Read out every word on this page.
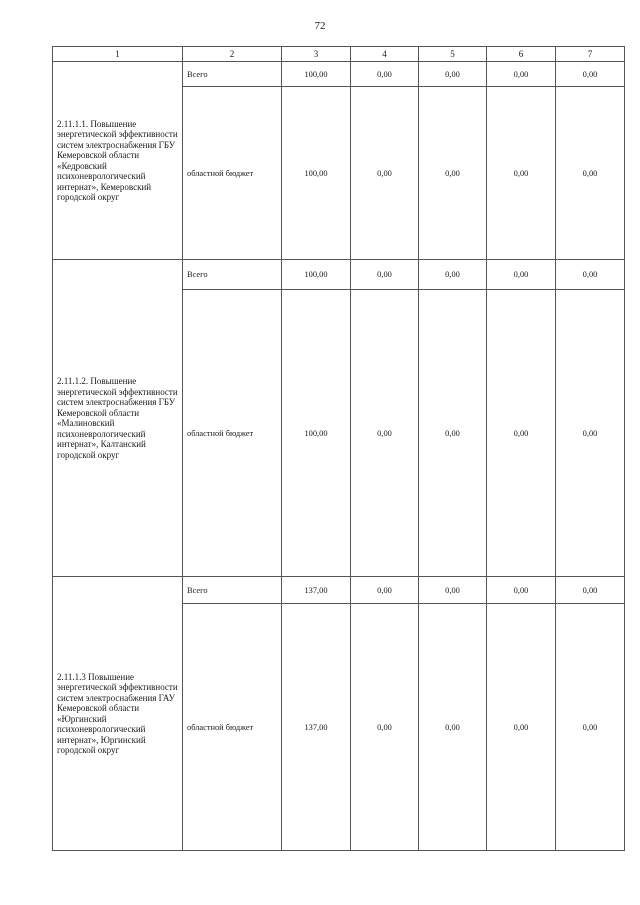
72
1	2	3	4	5	6	7
2.11.1.1. Повышение энергетической эффективности систем электроснабжения ГБУ Кемеровской области «Кедровский психоневрологический интернат», Кемеровский городской округ	Всего	100,00	0,00	0,00	0,00	0,00
	областной бюджет	100,00	0,00	0,00	0,00	0,00
2.11.1.2. Повышение энергетической эффективности систем электроснабжения ГБУ Кемеровской области «Малиновский психоневрологический интернат», Калтанский городской округ	Всего	100,00	0,00	0,00	0,00	0,00
	областной бюджет	100,00	0,00	0,00	0,00	0,00
2.11.1.3 Повышение энергетической эффективности систем электроснабжения ГАУ Кемеровской области «Юргинский психоневрологический интернат», Юргинский городской округ	Всего	137,00	0,00	0,00	0,00	0,00
	областной бюджет	137,00	0,00	0,00	0,00	0,00
